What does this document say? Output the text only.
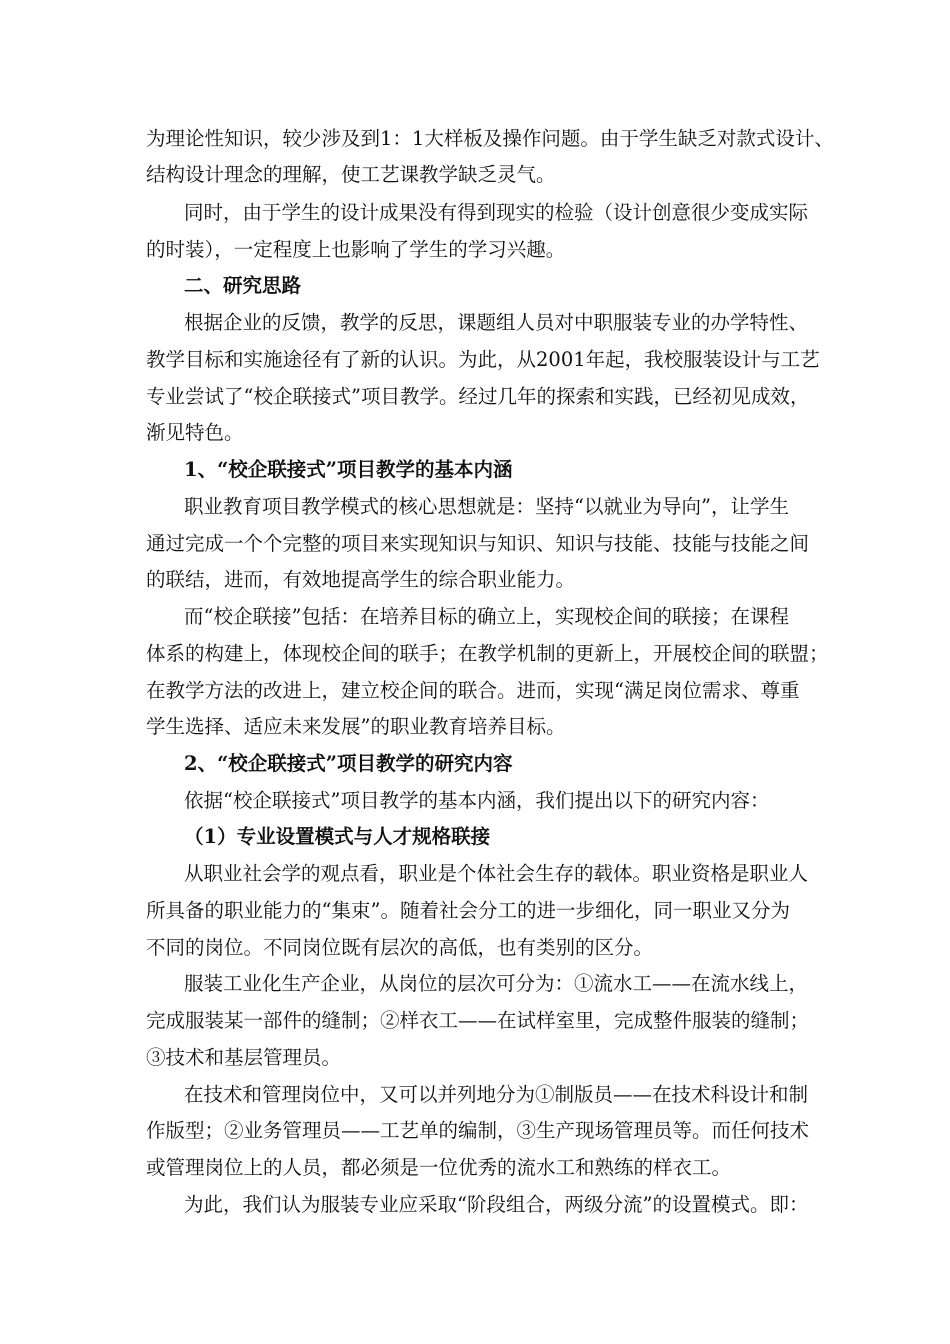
为理论性知识，较少涉及到1：1大样板及操作问题。由于学生缺乏对款式设计、
结构设计理念的理解，使工艺课教学缺乏灵气。
同时，由于学生的设计成果没有得到现实的检验（设计创意很少变成实际
的时装），一定程度上也影响了学生的学习兴趣。
二、研究思路
根据企业的反馈，教学的反思，课题组人员对中职服装专业的办学特性、
教学目标和实施途径有了新的认识。为此，从2001年起，我校服装设计与工艺
专业尝试了“校企联接式”项目教学。经过几年的探索和实践，已经初见成效，
渐见特色。
1、“校企联接式”项目教学的基本内涵
职业教育项目教学模式的核心思想就是：坚持“以就业为导向”，让学生
通过完成一个个完整的项目来实现知识与知识、知识与技能、技能与技能之间
的联结，进而，有效地提高学生的综合职业能力。
而“校企联接”包括：在培养目标的确立上，实现校企间的联接；在课程
体系的构建上，体现校企间的联手；在教学机制的更新上，开展校企间的联盟；
在教学方法的改进上，建立校企间的联合。进而，实现“满足岗位需求、尊重
学生选择、适应未来发展”的职业教育培养目标。
2、“校企联接式”项目教学的研究内容
依据“校企联接式”项目教学的基本内涵，我们提出以下的研究内容：
（1）专业设置模式与人才规格联接
从职业社会学的观点看，职业是个体社会生存的载体。职业资格是职业人
所具备的职业能力的“集束”。随着社会分工的进一步细化，同一职业又分为
不同的岗位。不同岗位既有层次的高低，也有类别的区分。
服装工业化生产企业，从岗位的层次可分为：①流水工——在流水线上，
完成服装某一部件的缝制；②样衣工——在试样室里，完成整件服装的缝制；
③技术和基层管理员。
在技术和管理岗位中，又可以并列地分为①制版员——在技术科设计和制
作版型；②业务管理员——工艺单的编制，③生产现场管理员等。而任何技术
或管理岗位上的人员，都必须是一位优秀的流水工和熟练的样衣工。
为此，我们认为服装专业应采取“阶段组合，两级分流”的设置模式。即：
